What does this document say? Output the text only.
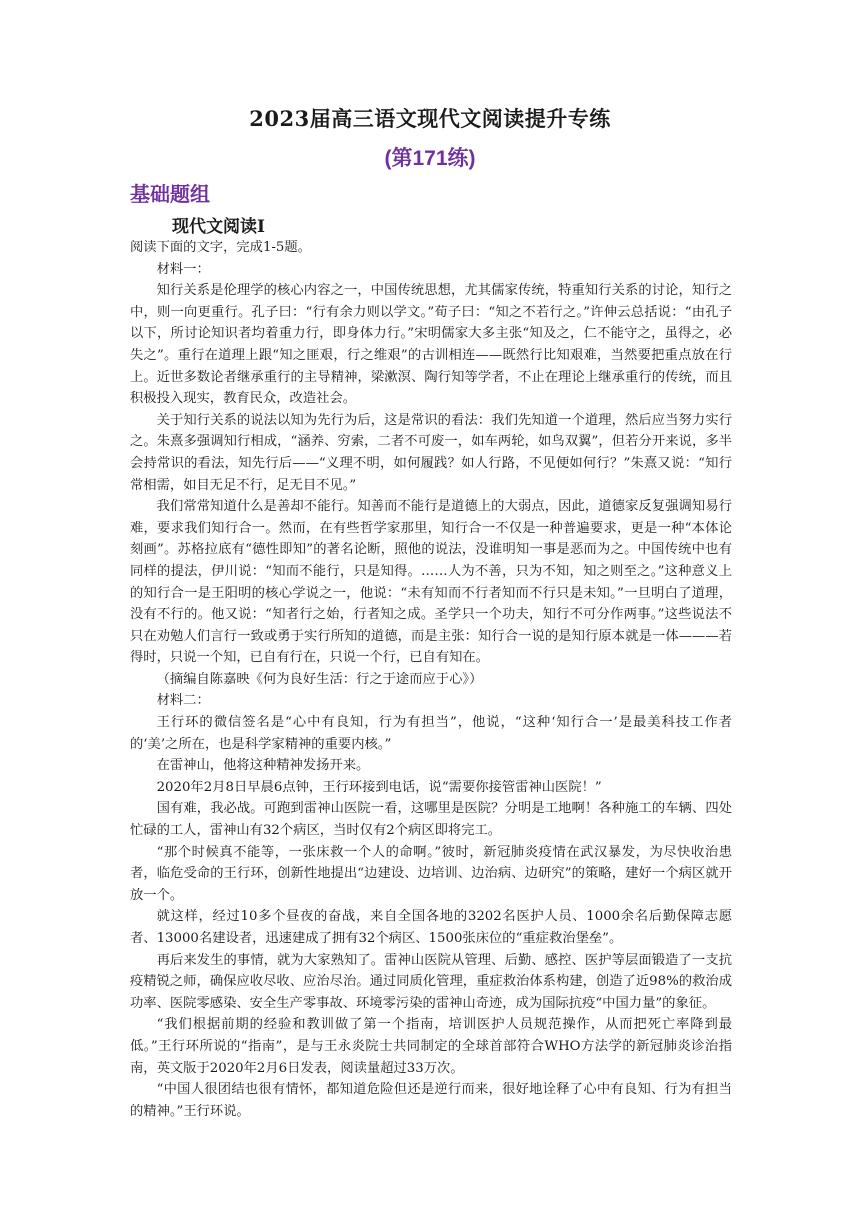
2023届高三语文现代文阅读提升专练
(第171练)
基础题组
现代文阅读Ⅰ

阅读下面的文字，完成1-5题。

材料一：

知行关系是伦理学的核心内容之一，中国传统思想，尤其儒家传统，特重知行关系的讨论，知行之中，则一向更重行。孔子曰：“行有余力则以学文。”荀子曰：“知之不若行之。”许伸云总括说：“由孔子以下，所讨论知识者均着重力行，即身体力行。”宋明儒家大多主张“知及之，仁不能守之，虽得之，必失之”。重行在道理上跟“知之匪艰，行之维艰”的古训相连——既然行比知艰难，当然要把重点放在行上。近世多数论者继承重行的主导精神，梁漱溟、陶行知等学者，不止在理论上继承重行的传统，而且积极投入现实，教育民众，改造社会。

关于知行关系的说法以知为先行为后，这是常识的看法：我们先知道一个道理，然后应当努力实行之。朱熹多强调知行相成，“涵养、穷索，二者不可废一，如车两轮，如鸟双翼”，但若分开来说，多半会持常识的看法，知先行后——“义理不明，如何履践？如人行路，不见便如何行？”朱熹又说：“知行常相需，如目无足不行，足无目不见。”

我们常常知道什么是善却不能行。知善而不能行是道德上的大弱点，因此，道德家反复强调知易行难，要求我们知行合一。然而，在有些哲学家那里，知行合一不仅是一种普遍要求，更是一种“本体论刻画”。苏格拉底有“德性即知”的著名论断，照他的说法，没谁明知一事是恶而为之。中国传统中也有同样的提法，伊川说：“知而不能行，只是知得。……人为不善，只为不知，知之则至之。”这种意义上的知行合一是王阳明的核心学说之一，他说：“未有知而不行者知而不行只是未知。”一旦明白了道理，没有不行的。他又说：“知者行之始，行者知之成。圣学只一个功夫，知行不可分作两事。”这些说法不只在劝勉人们言行一致或勇于实行所知的道德，而是主张：知行合一说的是知行原本就是一体———若得时，只说一个知，已自有行在，只说一个行，已自有知在。

（摘编自陈嘉映《何为良好生活：行之于途而应于心》）

材料二：

王行环的微信签名是“心中有良知，行为有担当”，他说，“这种‘知行合一’是最美科技工作者的‘美’之所在，也是科学家精神的重要内核。”

在雷神山，他将这种精神发扬开来。

2020年2月8日早晨6点钟，王行环接到电话，说“需要你接管雷神山医院！”

国有难，我必战。可跑到雷神山医院一看，这哪里是医院？分明是工地啊！各种施工的车辆、四处忙碌的工人，雷神山有32个病区，当时仅有2个病区即将完工。

“那个时候真不能等，一张床救一个人的命啊。”彼时，新冠肺炎疫情在武汉暴发，为尽快收治患者，临危受命的王行环，创新性地提出“边建设、边培训、边治病、边研究”的策略，建好一个病区就开放一个。

就这样，经过10多个昼夜的奋战，来自全国各地的3202名医护人员、1000余名后勤保障志愿者、13000名建设者，迅速建成了拥有32个病区、1500张床位的“重症救治堡垒”。

再后来发生的事情，就为大家熟知了。雷神山医院从管理、后勤、感控、医护等层面锻造了一支抗疫精锐之师，确保应收尽收、应治尽治。通过同质化管理，重症救治体系构建，创造了近98%的救治成功率、医院零感染、安全生产零事故、环境零污染的雷神山奇迹，成为国际抗疫“中国力量”的象征。

“我们根据前期的经验和教训做了第一个指南，培训医护人员规范操作，从而把死亡率降到最低。”王行环所说的“指南”，是与王永炎院士共同制定的全球首部符合WHO方法学的新冠肺炎诊治指南，英文版于2020年2月6日发表，阅读量超过33万次。

“中国人很团结也很有情怀，都知道危险但还是逆行而来，很好地诠释了心中有良知、行为有担当的精神。”王行环说。
